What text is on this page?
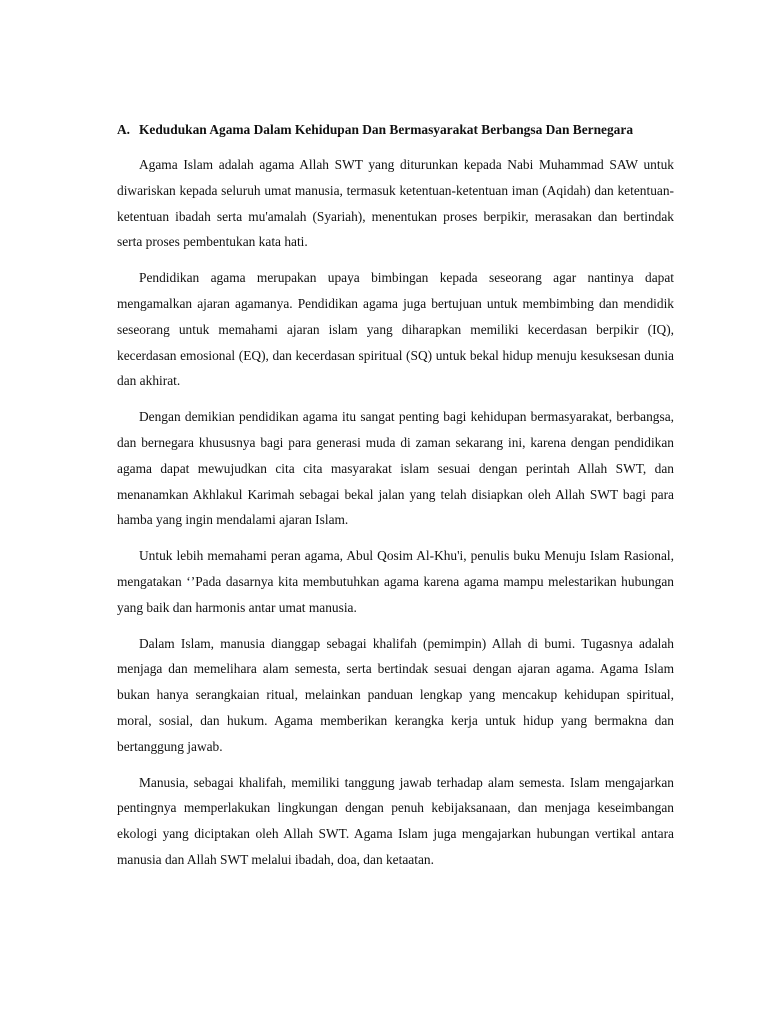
A. Kedudukan Agama Dalam Kehidupan Dan Bermasyarakat Berbangsa Dan Bernegara

Agama Islam adalah agama Allah SWT yang diturunkan kepada Nabi Muhammad SAW untuk diwariskan kepada seluruh umat manusia, termasuk ketentuan-ketentuan iman (Aqidah) dan ketentuan-ketentuan ibadah serta mu'amalah (Syariah), menentukan proses berpikir, merasakan dan bertindak serta proses pembentukan kata hati.

Pendidikan agama merupakan upaya bimbingan kepada seseorang agar nantinya dapat mengamalkan ajaran agamanya. Pendidikan agama juga bertujuan untuk membimbing dan mendidik seseorang untuk memahami ajaran islam yang diharapkan memiliki kecerdasan berpikir (IQ), kecerdasan emosional (EQ), dan kecerdasan spiritual (SQ) untuk bekal hidup menuju kesuksesan dunia dan akhirat.

Dengan demikian pendidikan agama itu sangat penting bagi kehidupan bermasyarakat, berbangsa, dan bernegara khususnya bagi para generasi muda di zaman sekarang ini, karena dengan pendidikan agama dapat mewujudkan cita cita masyarakat islam sesuai dengan perintah Allah SWT, dan menanamkan Akhlakul Karimah sebagai bekal jalan yang telah disiapkan oleh Allah SWT bagi para hamba yang ingin mendalami ajaran Islam.

Untuk lebih memahami peran agama, Abul Qosim Al-Khu'i, penulis buku Menuju Islam Rasional, mengatakan ‘’Pada dasarnya kita membutuhkan agama karena agama mampu melestarikan hubungan yang baik dan harmonis antar umat manusia.

Dalam Islam, manusia dianggap sebagai khalifah (pemimpin) Allah di bumi. Tugasnya adalah menjaga dan memelihara alam semesta, serta bertindak sesuai dengan ajaran agama. Agama Islam bukan hanya serangkaian ritual, melainkan panduan lengkap yang mencakup kehidupan spiritual, moral, sosial, dan hukum. Agama memberikan kerangka kerja untuk hidup yang bermakna dan bertanggung jawab.

Manusia, sebagai khalifah, memiliki tanggung jawab terhadap alam semesta. Islam mengajarkan pentingnya memperlakukan lingkungan dengan penuh kebijaksanaan, dan menjaga keseimbangan ekologi yang diciptakan oleh Allah SWT. Agama Islam juga mengajarkan hubungan vertikal antara manusia dan Allah SWT melalui ibadah, doa, dan ketaatan.
